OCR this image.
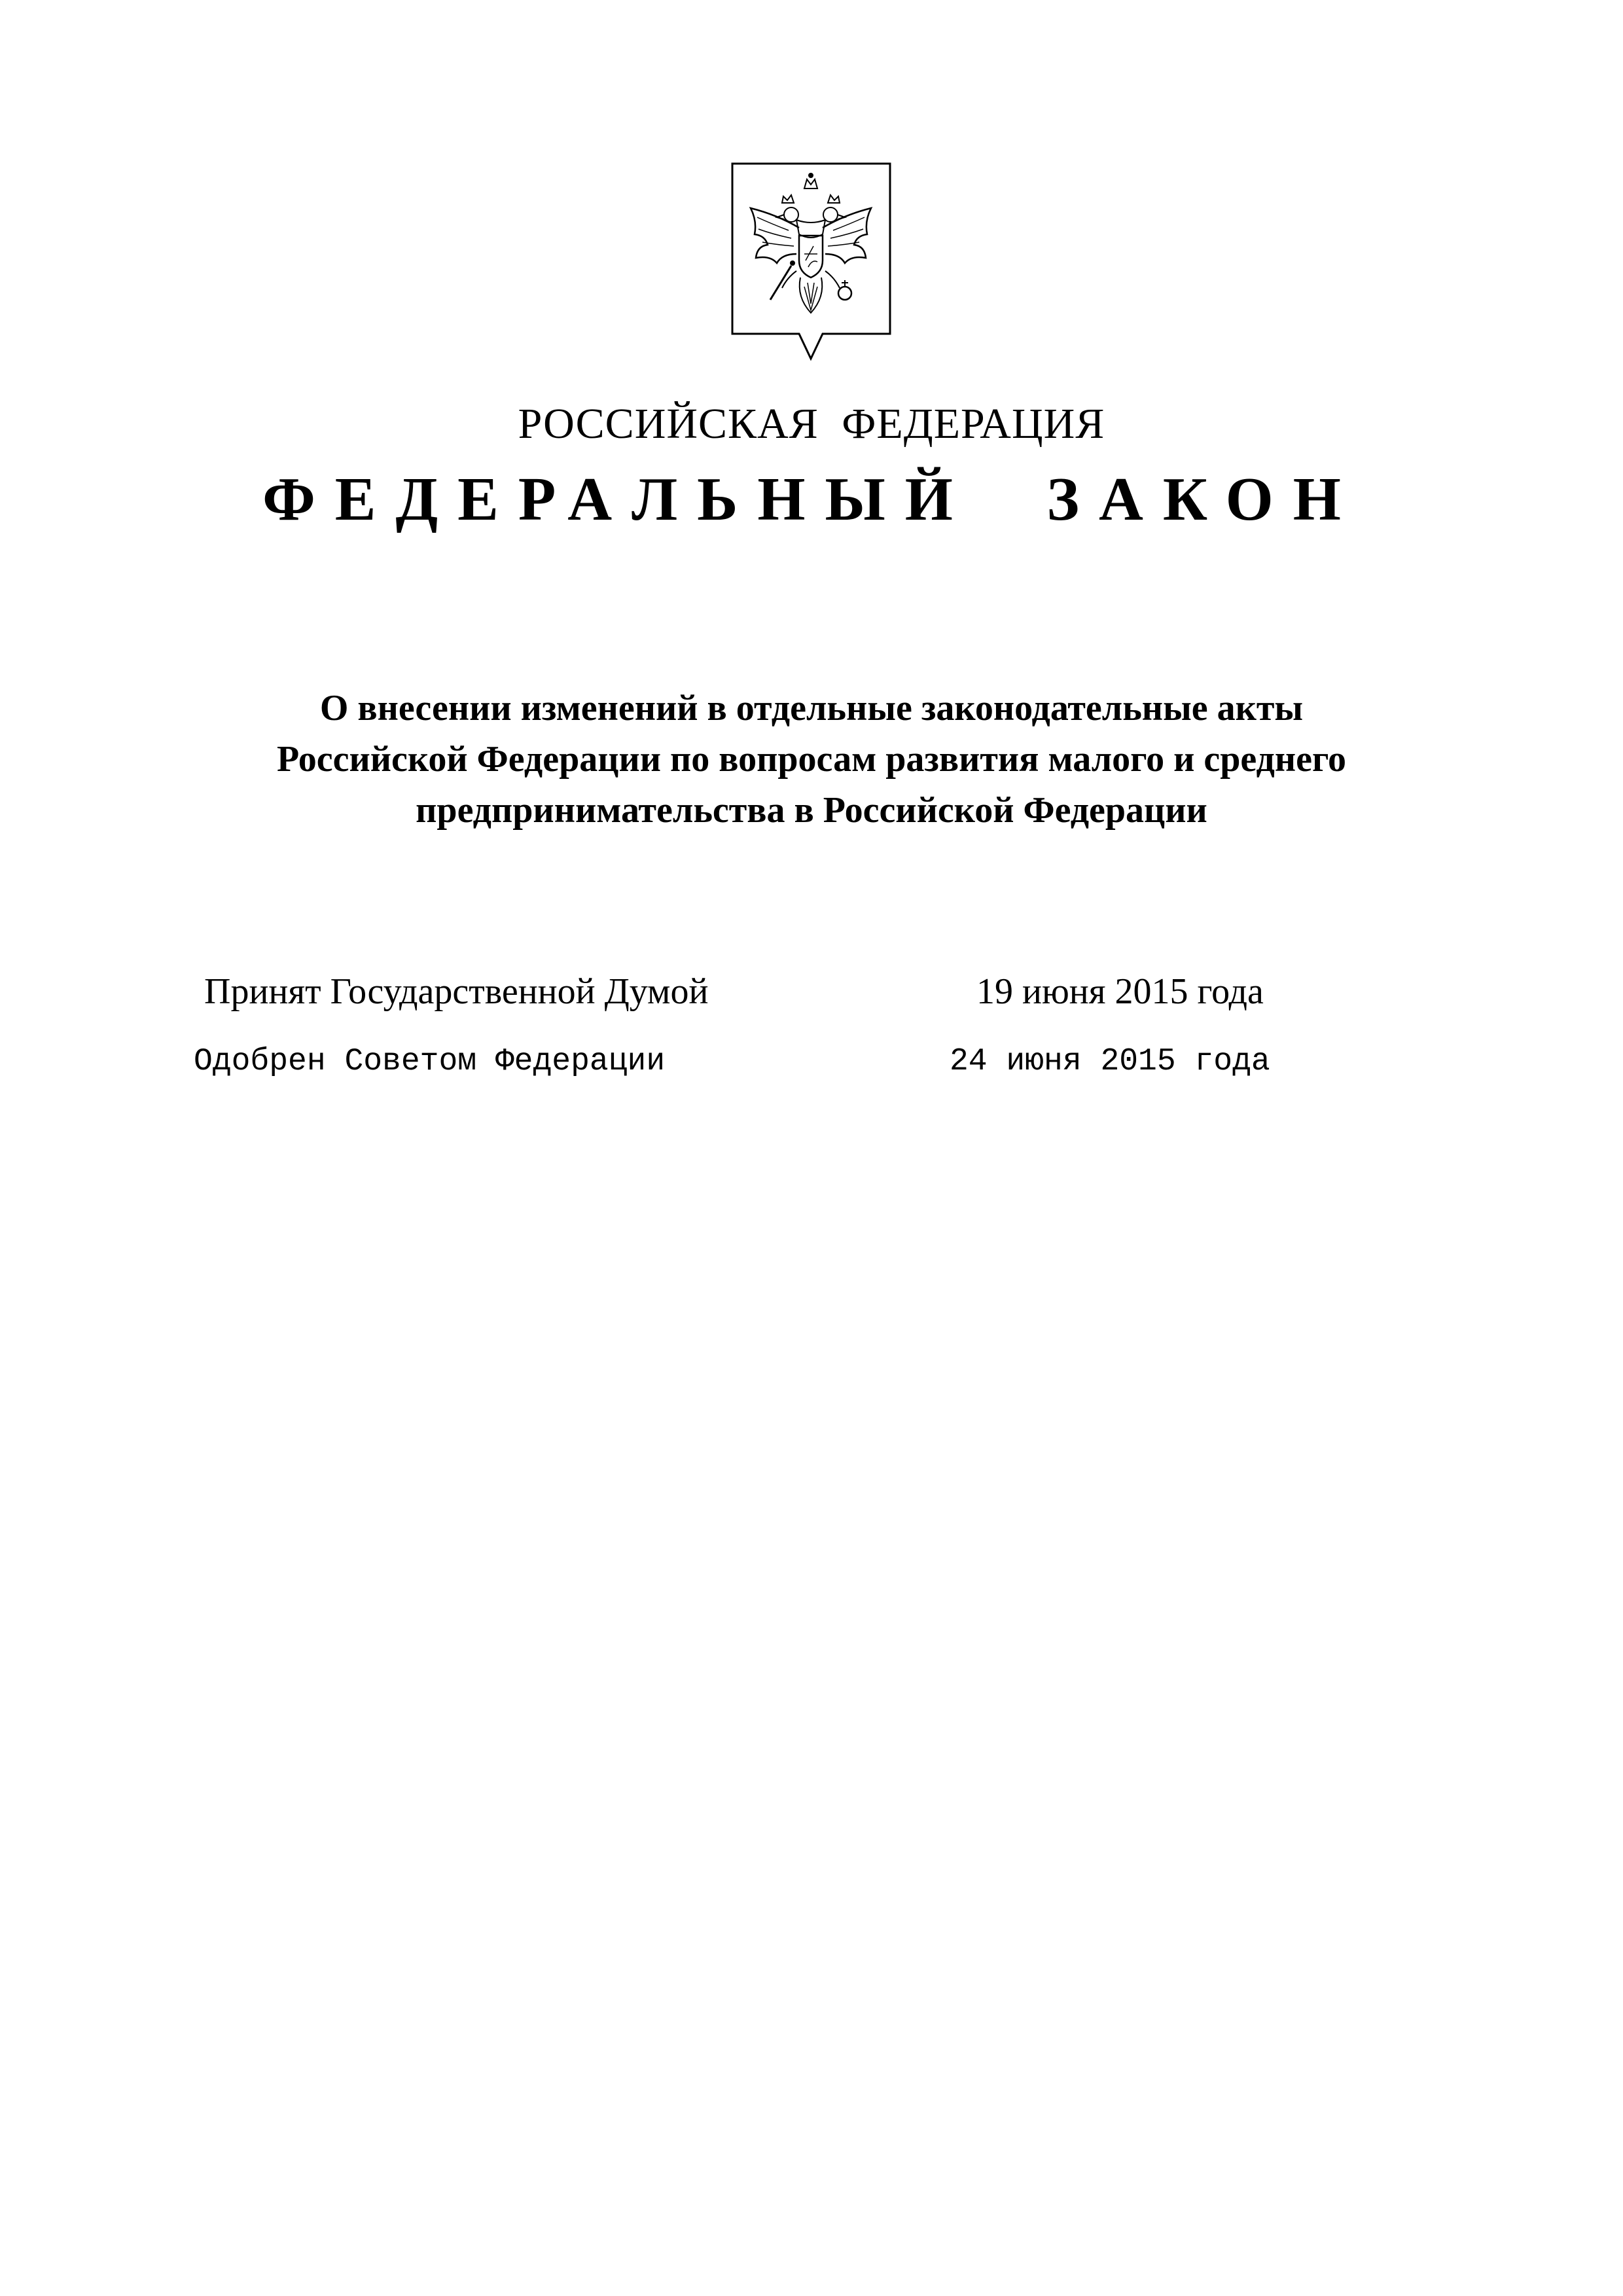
РОССИЙСКАЯ ФЕДЕРАЦИЯ
ФЕДЕРАЛЬНЫЙ ЗАКОН
О внесении изменений в отдельные законодательные акты
Российской Федерации по вопросам развития малого и среднего
предпринимательства в Российской Федерации
Принят Государственной Думой	19 июня 2015 года
Одобрен Советом Федерации	24 июня 2015 года
